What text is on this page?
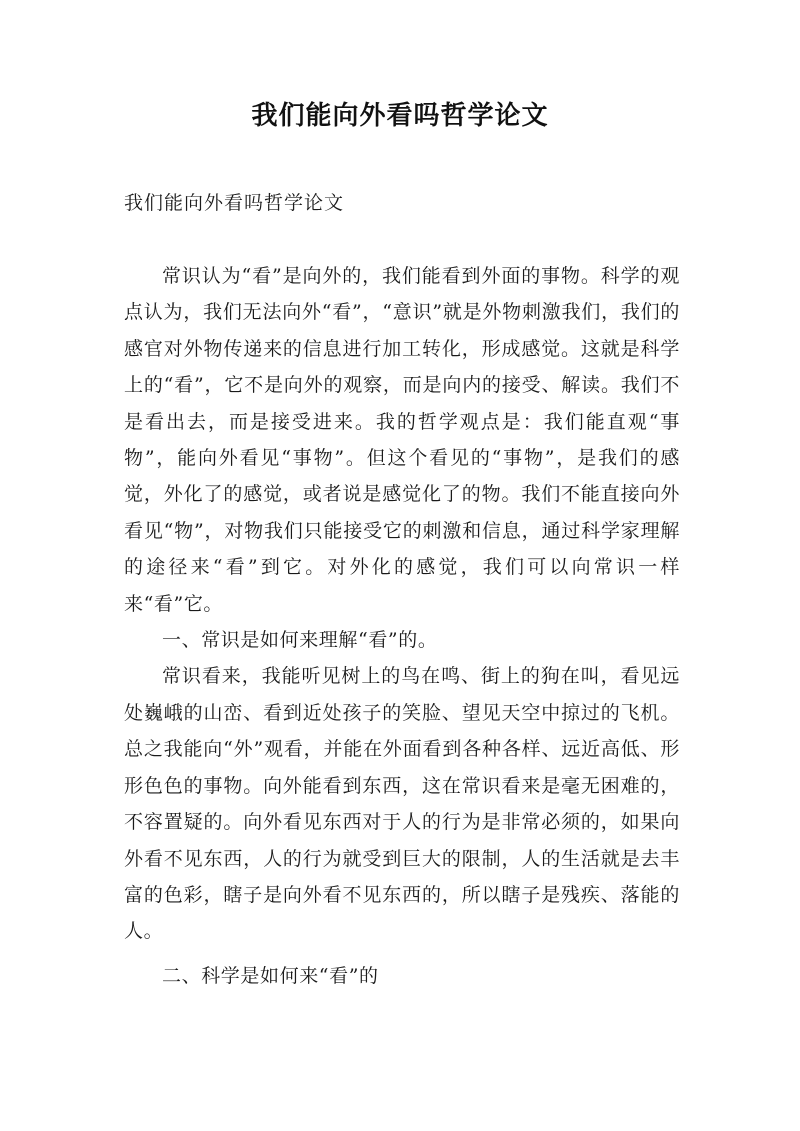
我们能向外看吗哲学论文
我们能向外看吗哲学论文

常识认为“看”是向外的，我们能看到外面的事物。科学的观点认为，我们无法向外“看”，“意识”就是外物刺激我们，我们的感官对外物传递来的信息进行加工转化，形成感觉。这就是科学上的“看”，它不是向外的观察，而是向内的接受、解读。我们不是看出去，而是接受进来。我的哲学观点是：我们能直观“事物”，能向外看见“事物”。但这个看见的“事物”，是我们的感觉，外化了的感觉，或者说是感觉化了的物。我们不能直接向外看见“物”，对物我们只能接受它的刺激和信息，通过科学家理解的途径来“看”到它。对外化的感觉，我们可以向常识一样来“看”它。

一、常识是如何来理解“看”的。

常识看来，我能听见树上的鸟在鸣、街上的狗在叫，看见远处巍峨的山峦、看到近处孩子的笑脸、望见天空中掠过的飞机。总之我能向“外”观看，并能在外面看到各种各样、远近高低、形形色色的事物。向外能看到东西，这在常识看来是毫无困难的，不容置疑的。向外看见东西对于人的行为是非常必须的，如果向外看不见东西，人的行为就受到巨大的限制，人的生活就是去丰富的色彩，瞎子是向外看不见东西的，所以瞎子是残疾、落能的人。

二、科学是如何来“看”的
